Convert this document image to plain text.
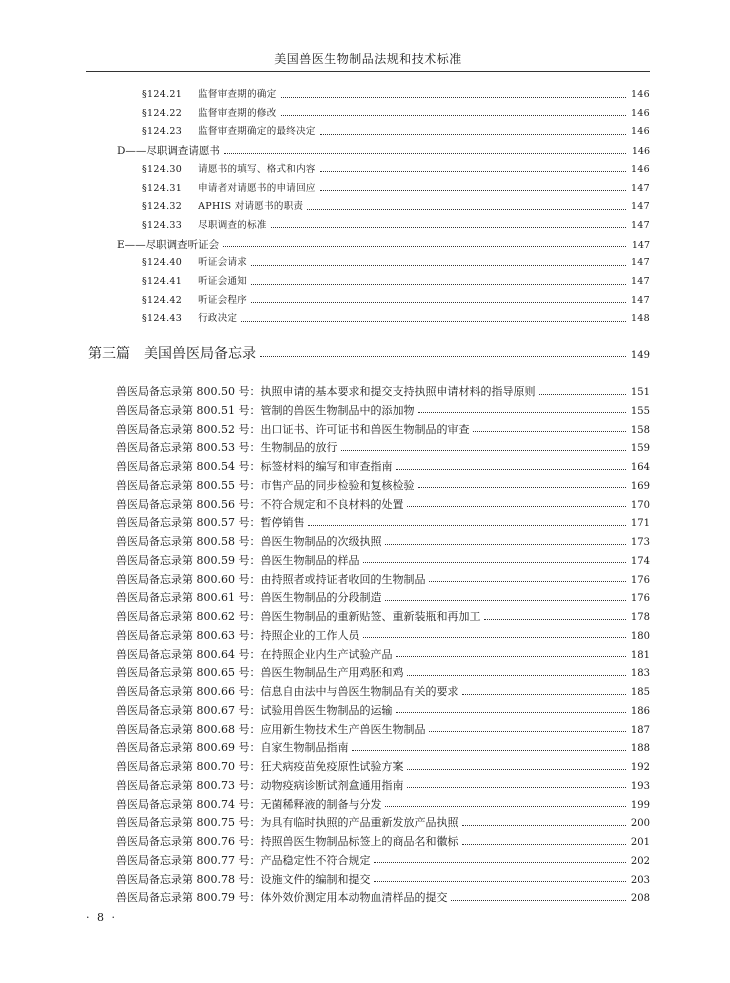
美国兽医生物制品法规和技术标准
§124.21 监督审查期的确定	146
§124.22 监督审查期的修改	146
§124.23 监督审查期确定的最终决定	146
D——尽职调查请愿书	146
§124.30 请愿书的填写、格式和内容	146
§124.31 申请者对请愿书的申请回应	147
§124.32 APHIS 对请愿书的职责	147
§124.33 尽职调查的标准	147
E——尽职调查听证会	147
§124.40 听证会请求	147
§124.41 听证会通知	147
§124.42 听证会程序	147
§124.43 行政决定	148
第三篇　美国兽医局备忘录	149
兽医局备忘录第 800.50 号： 执照申请的基本要求和提交支持执照申请材料的指导原则	151
兽医局备忘录第 800.51 号： 管制的兽医生物制品中的添加物	155
兽医局备忘录第 800.52 号： 出口证书、许可证书和兽医生物制品的审查	158
兽医局备忘录第 800.53 号： 生物制品的放行	159
兽医局备忘录第 800.54 号： 标签材料的编写和审查指南	164
兽医局备忘录第 800.55 号： 市售产品的同步检验和复核检验	169
兽医局备忘录第 800.56 号： 不符合规定和不良材料的处置	170
兽医局备忘录第 800.57 号： 暂停销售	171
兽医局备忘录第 800.58 号： 兽医生物制品的次级执照	173
兽医局备忘录第 800.59 号： 兽医生物制品的样品	174
兽医局备忘录第 800.60 号： 由持照者或持证者收回的生物制品	176
兽医局备忘录第 800.61 号： 兽医生物制品的分段制造	176
兽医局备忘录第 800.62 号： 兽医生物制品的重新贴签、重新装瓶和再加工	178
兽医局备忘录第 800.63 号： 持照企业的工作人员	180
兽医局备忘录第 800.64 号： 在持照企业内生产试验产品	181
兽医局备忘录第 800.65 号： 兽医生物制品生产用鸡胚和鸡	183
兽医局备忘录第 800.66 号： 信息自由法中与兽医生物制品有关的要求	185
兽医局备忘录第 800.67 号： 试验用兽医生物制品的运输	186
兽医局备忘录第 800.68 号： 应用新生物技术生产兽医生物制品	187
兽医局备忘录第 800.69 号： 自家生物制品指南	188
兽医局备忘录第 800.70 号： 狂犬病疫苗免疫原性试验方案	192
兽医局备忘录第 800.73 号： 动物疫病诊断试剂盒通用指南	193
兽医局备忘录第 800.74 号： 无菌稀释液的制备与分发	199
兽医局备忘录第 800.75 号： 为具有临时执照的产品重新发放产品执照	200
兽医局备忘录第 800.76 号： 持照兽医生物制品标签上的商品名和徽标	201
兽医局备忘录第 800.77 号： 产品稳定性不符合规定	202
兽医局备忘录第 800.78 号： 设施文件的编制和提交	203
兽医局备忘录第 800.79 号： 体外效价测定用本动物血清样品的提交	208
· 8 ·
